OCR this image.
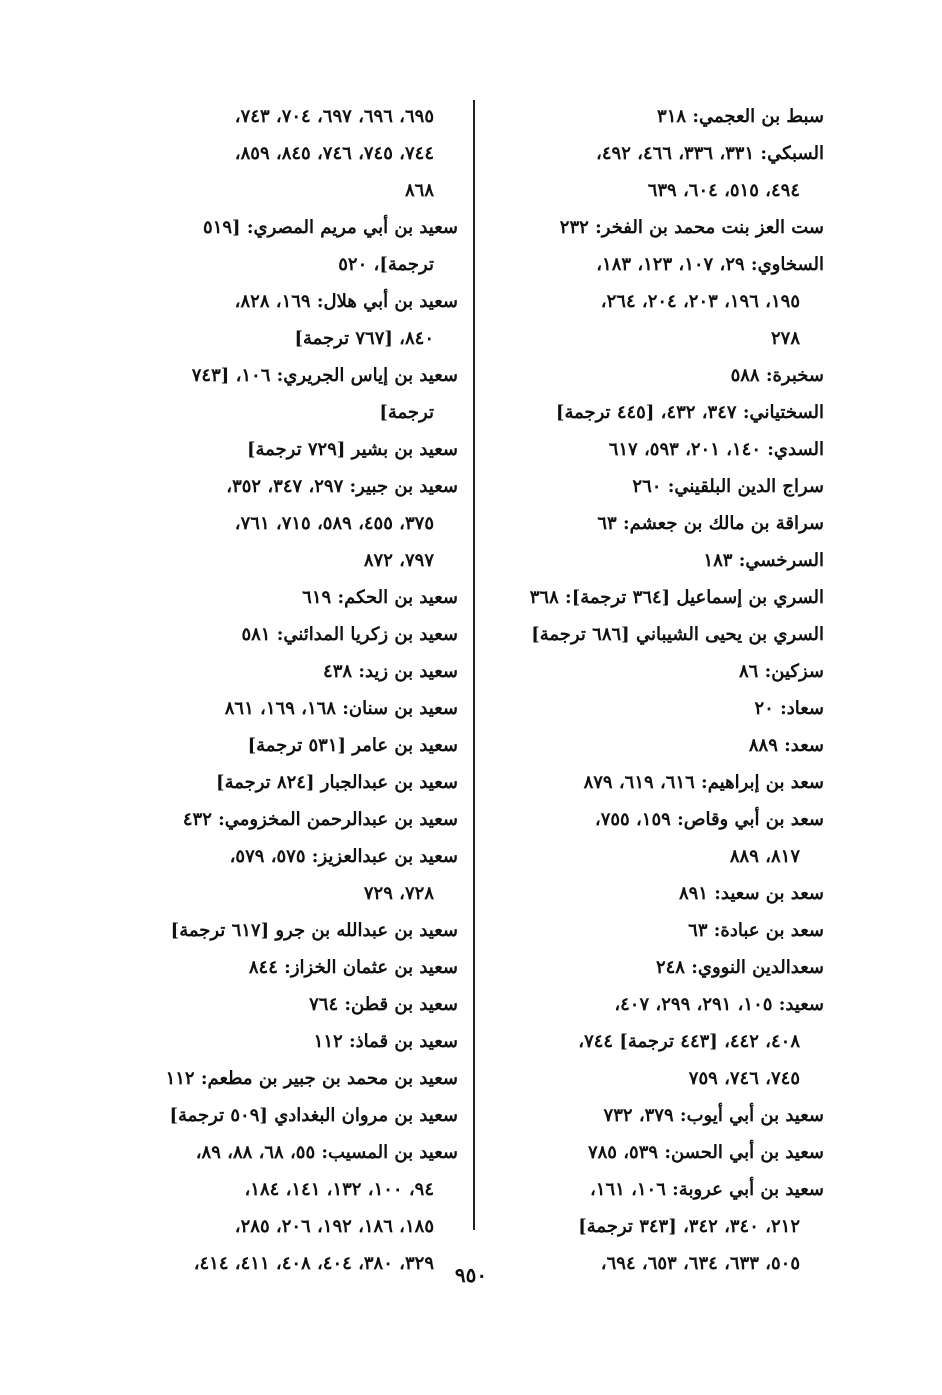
سبط بن العجمي: ٣١٨
السبكي: ٣٣١، ٣٣٦، ٤٦٦، ٤٩٢،
٤٩٤، ٥١٥، ٦٠٤، ٦٣٩
ست العز بنت محمد بن الفخر: ٢٣٢
السخاوي: ٢٩، ١٠٧، ١٢٣، ١٨٣،
١٩٥، ١٩٦، ٢٠٣، ٢٠٤، ٢٦٤،
٢٧٨
سخبرة: ٥٨٨
السختياني: ٣٤٧، ٤٣٢، [٤٤٥ ترجمة]
السدي: ١٤٠، ٢٠١، ٥٩٣، ٦١٧
سراج الدين البلقيني: ٢٦٠
سراقة بن مالك بن جعشم: ٦٣
السرخسي: ١٨٣
السري بن إسماعيل [٣٦٤ ترجمة]: ٣٦٨
السري بن يحيى الشيباني [٦٨٦ ترجمة]
سزكين: ٨٦
سعاد: ٢٠
سعد: ٨٨٩
سعد بن إبراهيم: ٦١٦، ٦١٩، ٨٧٩
سعد بن أبي وقاص: ١٥٩، ٧٥٥،
٨١٧، ٨٨٩
سعد بن سعيد: ٨٩١
سعد بن عبادة: ٦٣
سعدالدين النووي: ٢٤٨
سعيد: ١٠٥، ٢٩١، ٢٩٩، ٤٠٧،
٤٠٨، ٤٤٢، [٤٤٣ ترجمة] ٧٤٤،
٧٤٥، ٧٤٦، ٧٥٩
سعيد بن أبي أيوب: ٣٧٩، ٧٣٢
سعيد بن أبي الحسن: ٥٣٩، ٧٨٥
سعيد بن أبي عروبة: ١٠٦، ١٦١،
٢١٢، ٣٤٠، ٣٤٢، [٣٤٣ ترجمة]
٥٠٥، ٦٣٣، ٦٣٤، ٦٥٣، ٦٩٤،
٦٩٥، ٦٩٦، ٦٩٧، ٧٠٤، ٧٤٣،
٧٤٤، ٧٤٥، ٧٤٦، ٨٤٥، ٨٥٩،
٨٦٨
سعيد بن أبي مريم المصري: [٥١٩
ترجمة]، ٥٢٠
سعيد بن أبي هلال: ١٦٩، ٨٢٨،
٨٤٠، [٧٦٧ ترجمة]
سعيد بن إياس الجريري: ١٠٦، [٧٤٣
ترجمة]
سعيد بن بشير [٧٢٩ ترجمة]
سعيد بن جبير: ٢٩٧، ٣٤٧، ٣٥٢،
٣٧٥، ٤٥٥، ٥٨٩، ٧١٥، ٧٦١،
٧٩٧، ٨٧٢
سعيد بن الحكم: ٦١٩
سعيد بن زكريا المدائني: ٥٨١
سعيد بن زيد: ٤٣٨
سعيد بن سنان: ١٦٨، ١٦٩، ٨٦١
سعيد بن عامر [٥٣١ ترجمة]
سعيد بن عبدالجبار [٨٢٤ ترجمة]
سعيد بن عبدالرحمن المخزومي: ٤٣٢
سعيد بن عبدالعزيز: ٥٧٥، ٥٧٩،
٧٢٨، ٧٢٩
سعيد بن عبدالله بن جرو [٦١٧ ترجمة]
سعيد بن عثمان الخزاز: ٨٤٤
سعيد بن قطن: ٧٦٤
سعيد بن قماذ: ١١٢
سعيد بن محمد بن جبير بن مطعم: ١١٢
سعيد بن مروان البغدادي [٥٠٩ ترجمة]
سعيد بن المسيب: ٥٥، ٦٨، ٨٨، ٨٩،
٩٤، ١٠٠، ١٣٢، ١٤١، ١٨٤،
١٨٥، ١٨٦، ١٩٢، ٢٠٦، ٢٨٥،
٣٢٩، ٣٨٠، ٤٠٤، ٤٠٨، ٤١١، ٤١٤،	٩٥٠
